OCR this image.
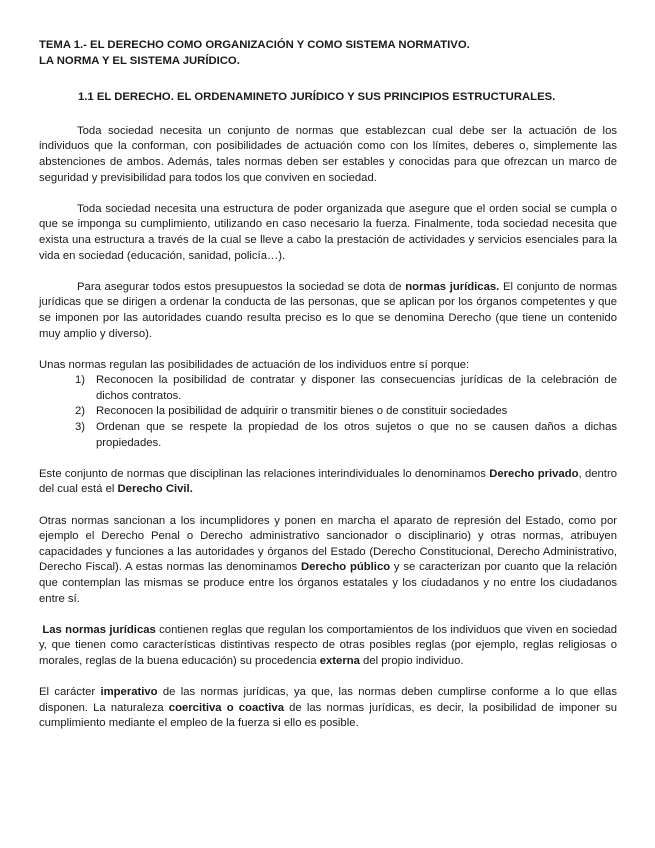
TEMA 1.- EL DERECHO COMO ORGANIZACIÓN Y COMO SISTEMA NORMATIVO.
LA NORMA Y EL SISTEMA JURÍDICO.
1.1 EL DERECHO. EL ORDENAMINETO JURÍDICO Y SUS PRINCIPIOS ESTRUCTURALES.

Toda sociedad necesita un conjunto de normas que establezcan cual debe ser la actuación de los individuos que la conforman, con posibilidades de actuación como con los límites, deberes o, simplemente las abstenciones de ambos. Además, tales normas deben ser estables y conocidas para que ofrezcan un marco de seguridad y previsibilidad para todos los que conviven en sociedad.

Toda sociedad necesita una estructura de poder organizada que asegure que el orden social se cumpla o que se imponga su cumplimiento, utilizando en caso necesario la fuerza. Finalmente, toda sociedad necesita que exista una estructura a través de la cual se lleve a cabo la prestación de actividades y servicios esenciales para la vida en sociedad (educación, sanidad, policía…).

Para asegurar todos estos presupuestos la sociedad se dota de normas jurídicas. El conjunto de normas jurídicas que se dirigen a ordenar la conducta de las personas, que se aplican por los órganos competentes y que se imponen por las autoridades cuando resulta preciso es lo que se denomina Derecho (que tiene un contenido muy amplio y diverso).

Unas normas regulan las posibilidades de actuación de los individuos entre sí porque:

1) Reconocen la posibilidad de contratar y disponer las consecuencias jurídicas de la celebración de dichos contratos.
2) Reconocen la posibilidad de adquirir o transmitir bienes o de constituir sociedades
3) Ordenan que se respete la propiedad de los otros sujetos o que no se causen daños a dichas propiedades.

Este conjunto de normas que disciplinan las relaciones interindividuales lo denominamos Derecho privado, dentro del cual está el Derecho Civil.

Otras normas sancionan a los incumplidores y ponen en marcha el aparato de represión del Estado, como por ejemplo el Derecho Penal o Derecho administrativo sancionador o disciplinario) y otras normas, atribuyen capacidades y funciones a las autoridades y órganos del Estado (Derecho Constitucional, Derecho Administrativo, Derecho Fiscal). A estas normas las denominamos Derecho público y se caracterizan por cuanto que la relación que contemplan las mismas se produce entre los órganos estatales y los ciudadanos y no entre los ciudadanos entre sí.

Las normas jurídicas contienen reglas que regulan los comportamientos de los individuos que viven en sociedad y, que tienen como características distintivas respecto de otras posibles reglas (por ejemplo, reglas religiosas o morales, reglas de la buena educación) su procedencia externa del propio individuo.

El carácter imperativo de las normas jurídicas, ya que, las normas deben cumplirse conforme a lo que ellas disponen. La naturaleza coercitiva o coactiva de las normas jurídicas, es decir, la posibilidad de imponer su cumplimiento mediante el empleo de la fuerza si ello es posible.
